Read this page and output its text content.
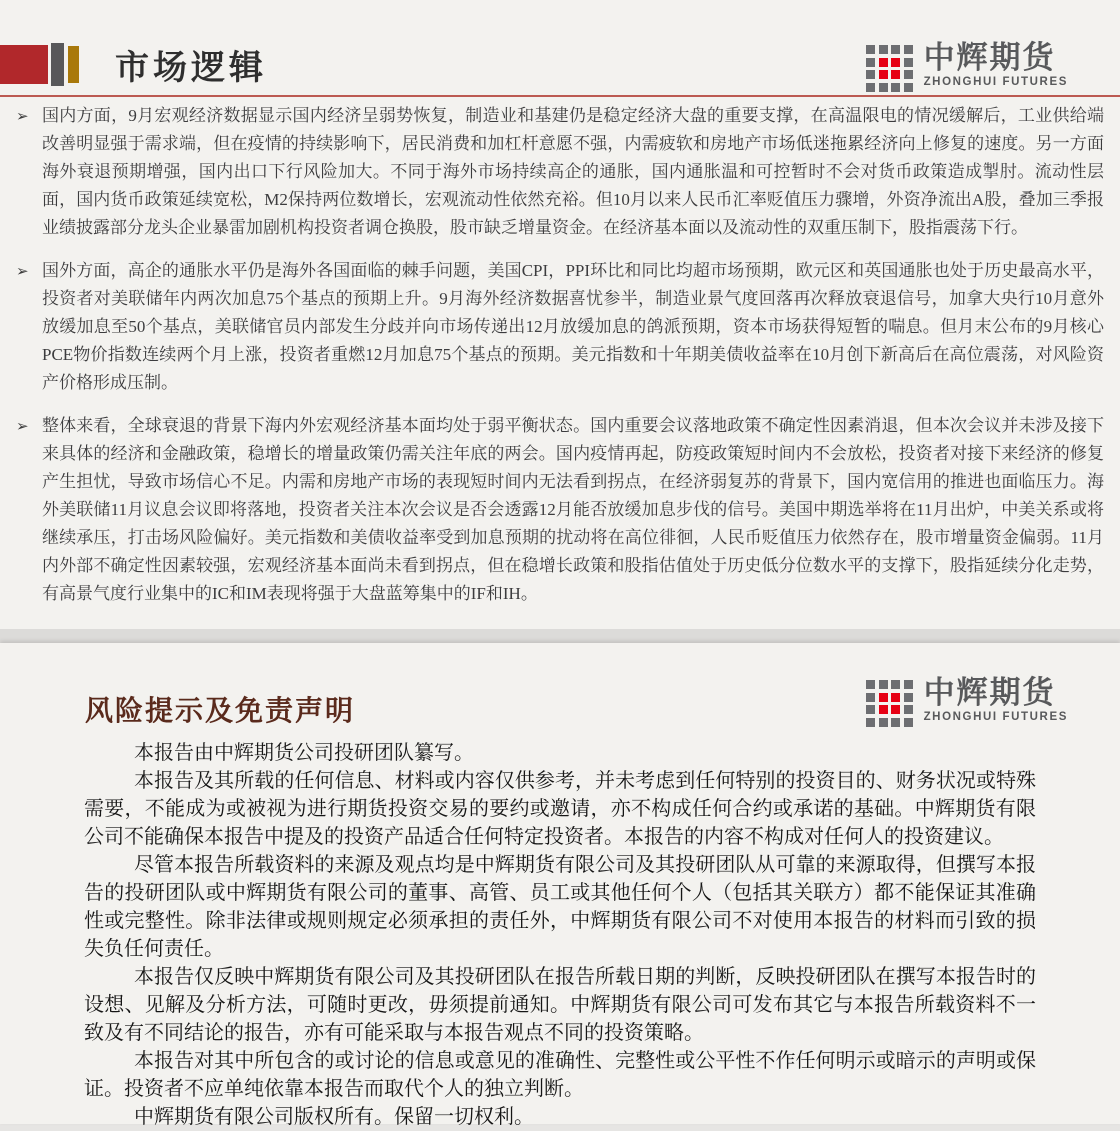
市场逻辑	中辉期货
ZHONGHUI FUTURES
➢ 国内方面，9月宏观经济数据显示国内经济呈弱势恢复，制造业和基建仍是稳定经济大盘的重要支撑，在高温限电的情况缓解后，工业供给端改善明显强于需求端，但在疫情的持续影响下，居民消费和加杠杆意愿不强，内需疲软和房地产市场低迷拖累经济向上修复的速度。另一方面海外衰退预期增强，国内出口下行风险加大。不同于海外市场持续高企的通胀，国内通胀温和可控暂时不会对货币政策造成掣肘。流动性层面，国内货币政策延续宽松，M2保持两位数增长，宏观流动性依然充裕。但10月以来人民币汇率贬值压力骤增，外资净流出A股，叠加三季报业绩披露部分龙头企业暴雷加剧机构投资者调仓换股，股市缺乏增量资金。在经济基本面以及流动性的双重压制下，股指震荡下行。
➢ 国外方面，高企的通胀水平仍是海外各国面临的棘手问题，美国CPI，PPI环比和同比均超市场预期，欧元区和英国通胀也处于历史最高水平，投资者对美联储年内两次加息75个基点的预期上升。9月海外经济数据喜忧参半，制造业景气度回落再次释放衰退信号，加拿大央行10月意外放缓加息至50个基点，美联储官员内部发生分歧并向市场传递出12月放缓加息的鸽派预期，资本市场获得短暂的喘息。但月末公布的9月核心PCE物价指数连续两个月上涨，投资者重燃12月加息75个基点的预期。美元指数和十年期美债收益率在10月创下新高后在高位震荡，对风险资产价格形成压制。
➢ 整体来看，全球衰退的背景下海内外宏观经济基本面均处于弱平衡状态。国内重要会议落地政策不确定性因素消退，但本次会议并未涉及接下来具体的经济和金融政策，稳增长的增量政策仍需关注年底的两会。国内疫情再起，防疫政策短时间内不会放松，投资者对接下来经济的修复产生担忧，导致市场信心不足。内需和房地产市场的表现短时间内无法看到拐点，在经济弱复苏的背景下，国内宽信用的推进也面临压力。海外美联储11月议息会议即将落地，投资者关注本次会议是否会透露12月能否放缓加息步伐的信号。美国中期选举将在11月出炉，中美关系或将继续承压，打击场风险偏好。美元指数和美债收益率受到加息预期的扰动将在高位徘徊，人民币贬值压力依然存在，股市增量资金偏弱。11月内外部不确定性因素较强，宏观经济基本面尚未看到拐点，但在稳增长政策和股指估值处于历史低分位数水平的支撑下，股指延续分化走势，有高景气度行业集中的IC和IM表现将强于大盘蓝筹集中的IF和IH。
风险提示及免责声明
中辉期货
ZHONGHUI FUTURES

本报告由中辉期货公司投研团队纂写。

本报告及其所载的任何信息、材料或内容仅供参考，并未考虑到任何特别的投资目的、财务状况或特殊需要，不能成为或被视为进行期货投资交易的要约或邀请，亦不构成任何合约或承诺的基础。中辉期货有限公司不能确保本报告中提及的投资产品适合任何特定投资者。本报告的内容不构成对任何人的投资建议。

尽管本报告所载资料的来源及观点均是中辉期货有限公司及其投研团队从可靠的来源取得，但撰写本报告的投研团队或中辉期货有限公司的董事、高管、员工或其他任何个人（包括其关联方）都不能保证其准确性或完整性。除非法律或规则规定必须承担的责任外，中辉期货有限公司不对使用本报告的材料而引致的损失负任何责任。

本报告仅反映中辉期货有限公司及其投研团队在报告所载日期的判断，反映投研团队在撰写本报告时的设想、见解及分析方法，可随时更改，毋须提前通知。中辉期货有限公司可发布其它与本报告所载资料不一致及有不同结论的报告，亦有可能采取与本报告观点不同的投资策略。

本报告对其中所包含的或讨论的信息或意见的准确性、完整性或公平性不作任何明示或暗示的声明或保证。投资者不应单纯依靠本报告而取代个人的独立判断。

中辉期货有限公司版权所有。保留一切权利。
